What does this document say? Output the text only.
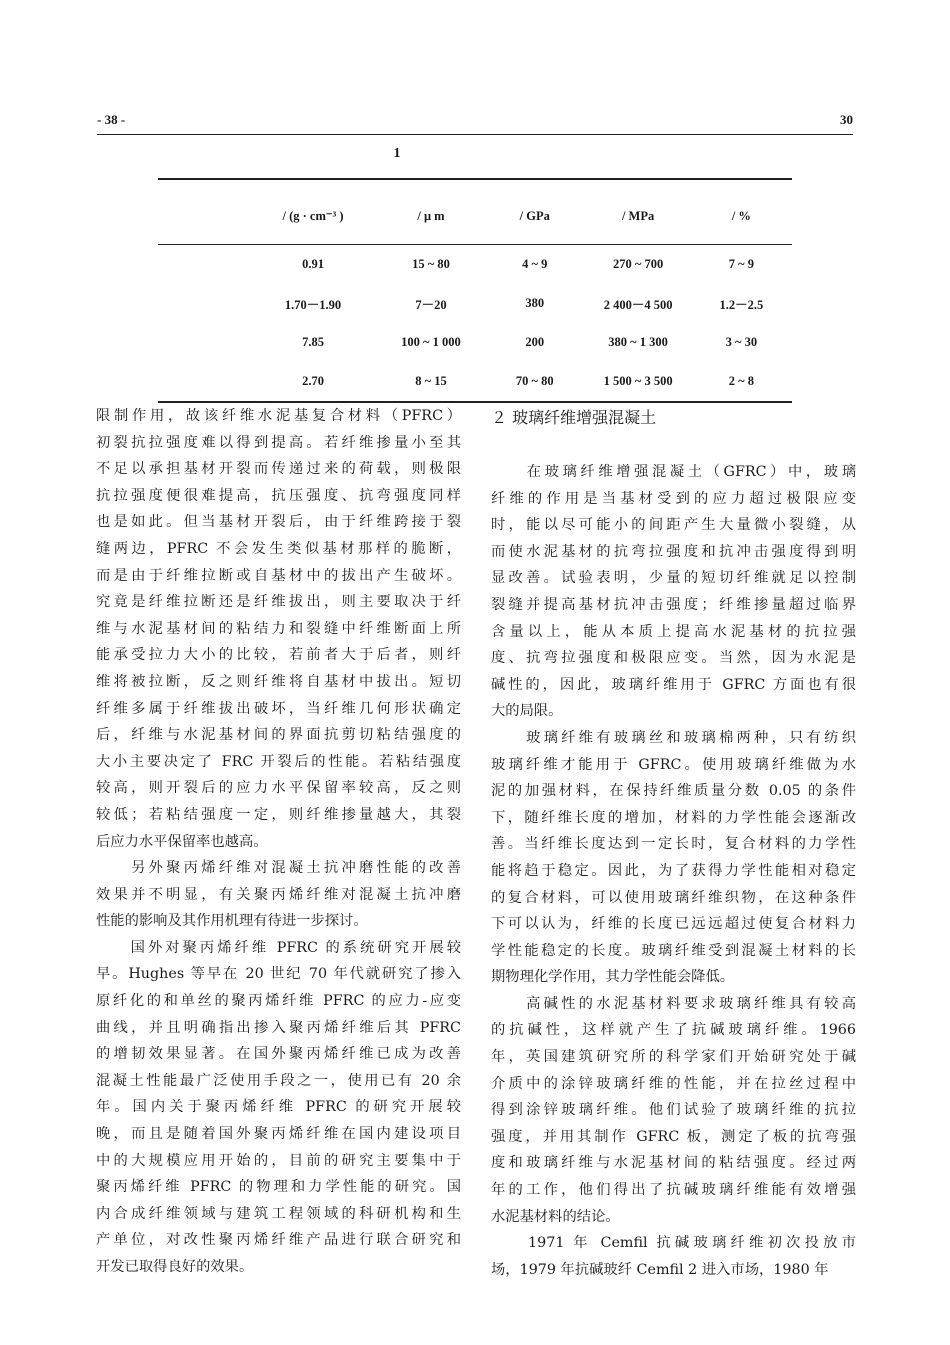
- 38 -	30
1
	/ (g · cm⁻³ )	/ μ m	/ GPa	/ MPa	/ %
	0.91	15 ~ 80	4 ~ 9	270 ~ 700	7 ~ 9
	1.70－1.90	7－20	380	2 400－4 500	1.2－2.5
	7.85	100 ~ 1 000	200	380 ~ 1 300	3 ~ 30
	2.70	8 ~ 15	70 ~ 80	1 500 ~ 3 500	2 ~ 8

限制作用，故该纤维水泥基复合材料（PFRC）

初裂抗拉强度难以得到提高。若纤维掺量小至其

不足以承担基材开裂而传递过来的荷载，则极限

抗拉强度便很难提高，抗压强度、抗弯强度同样

也是如此。但当基材开裂后，由于纤维跨接于裂

缝两边，PFRC 不会发生类似基材那样的脆断，

而是由于纤维拉断或自基材中的拔出产生破坏。

究竟是纤维拉断还是纤维拔出，则主要取决于纤

维与水泥基材间的粘结力和裂缝中纤维断面上所

能承受拉力大小的比较，若前者大于后者，则纤

维将被拉断，反之则纤维将自基材中拔出。短切

纤维多属于纤维拔出破坏，当纤维几何形状确定

后，纤维与水泥基材间的界面抗剪切粘结强度的

大小主要决定了 FRC 开裂后的性能。若粘结强度

较高，则开裂后的应力水平保留率较高，反之则

较低；若粘结强度一定，则纤维掺量越大，其裂

后应力水平保留率也越高。

　　另外聚丙烯纤维对混凝土抗冲磨性能的改善

效果并不明显，有关聚丙烯纤维对混凝土抗冲磨

性能的影响及其作用机理有待进一步探讨。

　　国外对聚丙烯纤维 PFRC 的系统研究开展较

早。Hughes 等早在 20 世纪 70 年代就研究了掺入

原纤化的和单丝的聚丙烯纤维 PFRC 的应力-应变

曲线，并且明确指出掺入聚丙烯纤维后其 PFRC

的增韧效果显著。在国外聚丙烯纤维已成为改善

混凝土性能最广泛使用手段之一，使用已有 20 余

年。国内关于聚丙烯纤维 PFRC 的研究开展较

晚，而且是随着国外聚丙烯纤维在国内建设项目

中的大规模应用开始的，目前的研究主要集中于

聚丙烯纤维 PFRC 的物理和力学性能的研究。国

内合成纤维领域与建筑工程领域的科研机构和生

产单位，对改性聚丙烯纤维产品进行联合研究和

开发已取得良好的效果。

２ 玻璃纤维增强混凝土

　　在玻璃纤维增强混凝土（GFRC）中，玻璃

纤维的作用是当基材受到的应力超过极限应变

时，能以尽可能小的间距产生大量微小裂缝，从

而使水泥基材的抗弯拉强度和抗冲击强度得到明

显改善。试验表明，少量的短切纤维就足以控制

裂缝并提高基材抗冲击强度；纤维掺量超过临界

含量以上，能从本质上提高水泥基材的抗拉强

度、抗弯拉强度和极限应变。当然，因为水泥是

碱性的，因此，玻璃纤维用于 GFRC 方面也有很

大的局限。

　　玻璃纤维有玻璃丝和玻璃棉两种，只有纺织

玻璃纤维才能用于 GFRC。使用玻璃纤维做为水

泥的加强材料，在保持纤维质量分数 0.05 的条件

下，随纤维长度的增加，材料的力学性能会逐渐改

善。当纤维长度达到一定长时，复合材料的力学性

能将趋于稳定。因此，为了获得力学性能相对稳定

的复合材料，可以使用玻璃纤维织物，在这种条件

下可以认为，纤维的长度已远远超过使复合材料力

学性能稳定的长度。玻璃纤维受到混凝土材料的长

期物理化学作用，其力学性能会降低。

　　高碱性的水泥基材料要求玻璃纤维具有较高

的抗碱性，这样就产生了抗碱玻璃纤维。1966

年，英国建筑研究所的科学家们开始研究处于碱

介质中的涂锌玻璃纤维的性能，并在拉丝过程中

得到涂锌玻璃纤维。他们试验了玻璃纤维的抗拉

强度，并用其制作 GFRC 板，测定了板的抗弯强

度和玻璃纤维与水泥基材间的粘结强度。经过两

年的工作，他们得出了抗碱玻璃纤维能有效增强

水泥基材料的结论。

　　1971 年 Cemfil 抗碱玻璃纤维初次投放市

场，1979 年抗碱玻纤 Cemfil 2 进入市场，1980 年
